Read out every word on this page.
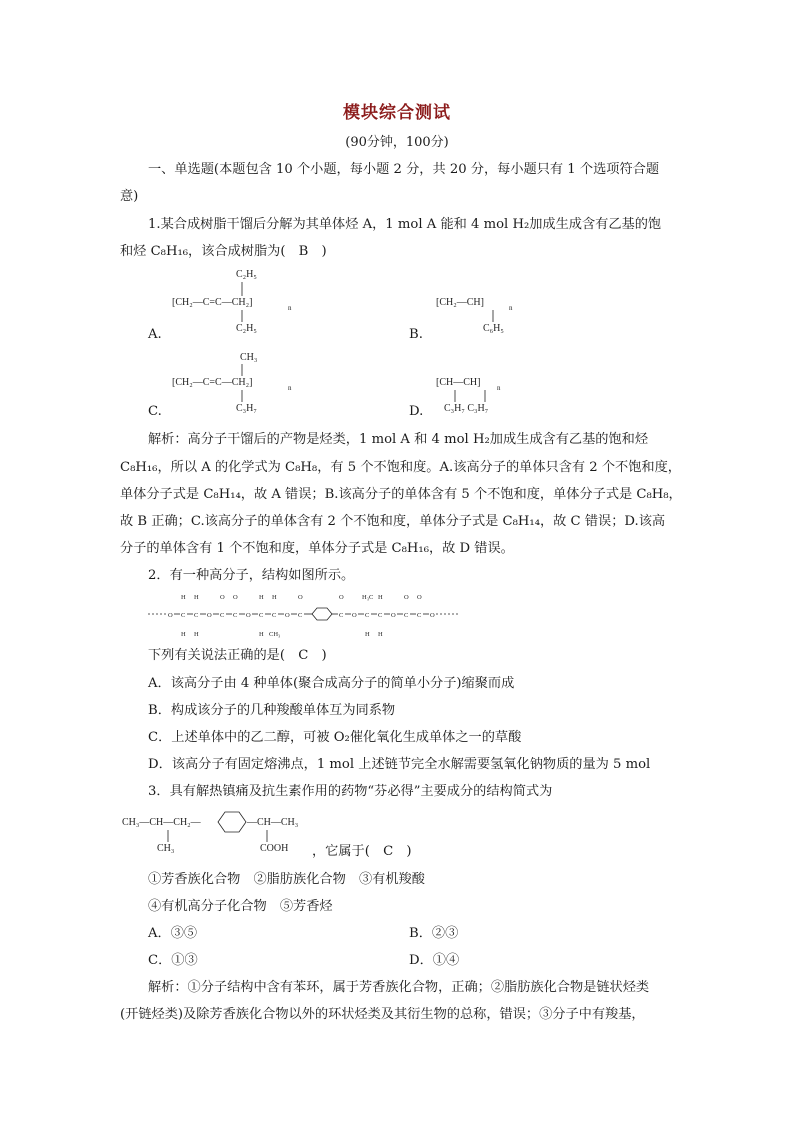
模块综合测试
(90分钟，100分)
一、单选题(本题包含 10 个小题，每小题 2 分，共 20 分，每小题只有 1 个选项符合题
意)
1.某合成树脂干馏后分解为其单体烃 A，1 mol A 能和 4 mol H₂加成生成含有乙基的饱
和烃 C₈H₁₆，该合成树脂为(　B　)
C₂H₅
[CH₂—C=C—CH₂]
C₂H₅
n
A.
[CH₂—CH]	n
C₆H₅
B.
CH₃
[CH₂—C=C—CH₂]	n
C₃H₇
C.
[CH—CH] n
C₃H₇ C₃H₇
D.
解析：高分子干馏后的产物是烃类，1 mol A 和 4 mol H₂加成生成含有乙基的饱和烃
C₈H₁₆，所以 A 的化学式为 C₈H₈，有 5 个不饱和度。A.该高分子的单体只含有 2 个不饱和度，
单体分子式是 C₈H₁₄，故 A 错误；B.该高分子的单体含有 5 个不饱和度，单体分子式是 C₈H₈，
故 B 正确；C.该高分子的单体含有 2 个不饱和度，单体分子式是 C₈H₁₄，故 C 错误；D.该高
分子的单体含有 1 个不饱和度，单体分子式是 C₈H₁₆，故 D 错误。
2．有一种高分子，结构如图所示。
O C C O C C O C C O C	C O C C O C C O
H H
H H
O O	H H
H CH₃
O	O	H₃C H
H H
O O
下列有关说法正确的是(　C　)
A．该高分子由 4 种单体(聚合成高分子的简单小分子)缩聚而成
B．构成该分子的几种羧酸单体互为同系物
C．上述单体中的乙二醇，可被 O₂催化氧化生成单体之一的草酸
D．该高分子有固定熔沸点，1 mol 上述链节完全水解需要氢氧化钠物质的量为 5 mol
3．具有解热镇痛及抗生素作用的药物“芬必得”主要成分的结构简式为
CH₃—CH—CH₂—	—CH—CH₃
CH₃	COOH ，它属于(　C　)
①芳香族化合物　②脂肪族化合物　③有机羧酸
④有机高分子化合物　⑤芳香烃
A．③⑤	B．②③
C．①③	D．①④
解析：①分子结构中含有苯环，属于芳香族化合物，正确；②脂肪族化合物是链状烃类
(开链烃类)及除芳香族化合物以外的环状烃类及其衍生物的总称，错误；③分子中有羧基，
